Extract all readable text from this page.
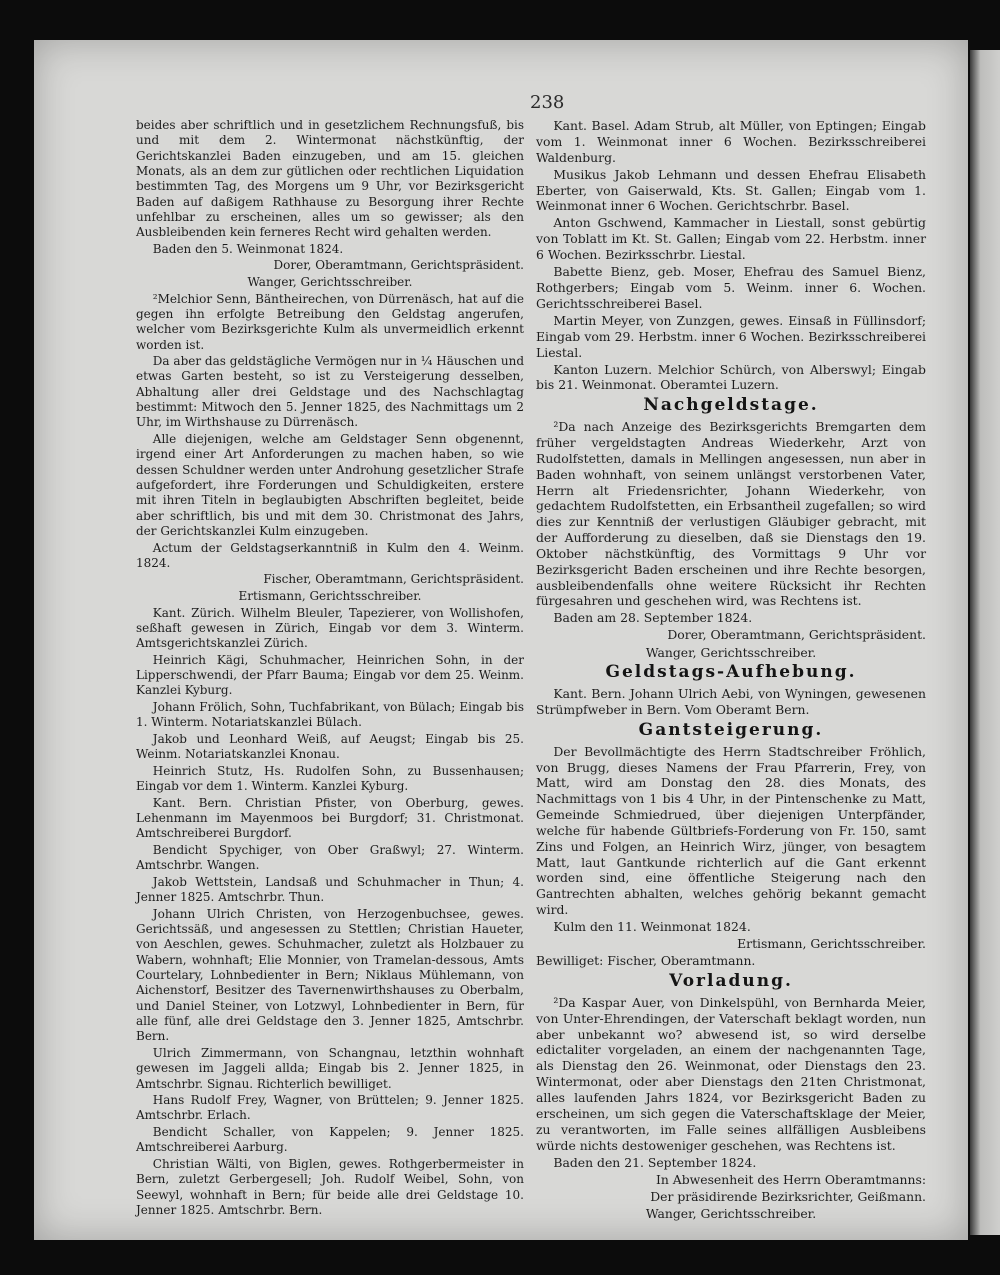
238

beides aber schriftlich und in gesetzlichem Rechnungsfuß, bis und mit dem 2. Wintermonat nächstkünftig, der Gerichtskanzlei Baden einzugeben, und am 15. gleichen Monats, als an dem zur gütlichen oder rechtlichen Liquidation bestimmten Tag, des Morgens um 9 Uhr, vor Bezirksgericht Baden auf daßigem Rathhause zu Besorgung ihrer Rechte unfehlbar zu erscheinen, alles um so gewisser; als den Ausbleibenden kein ferneres Recht wird gehalten werden.

Baden den 5. Weinmonat 1824.

Dorer, Oberamtmann, Gerichtspräsident.

Wanger, Gerichtsschreiber.

²Melchior Senn, Bäntheirechen, von Dürrenäsch, hat auf die gegen ihn erfolgte Betreibung den Geldstag angerufen, welcher vom Bezirksgerichte Kulm als unvermeidlich erkennt worden ist.

Da aber das geldstägliche Vermögen nur in ¼ Häuschen und etwas Garten besteht, so ist zu Versteigerung desselben, Abhaltung aller drei Geldstage und des Nachschlagtag bestimmt: Mitwoch den 5. Jenner 1825, des Nachmittags um 2 Uhr, im Wirthshause zu Dürrenäsch.

Alle diejenigen, welche am Geldstager Senn obgenennt, irgend einer Art Anforderungen zu machen haben, so wie dessen Schuldner werden unter Androhung gesetzlicher Strafe aufgefordert, ihre Forderungen und Schuldigkeiten, erstere mit ihren Titeln in beglaubigten Abschriften begleitet, beide aber schriftlich, bis und mit dem 30. Christmonat des Jahrs, der Gerichtskanzlei Kulm einzugeben.

Actum der Geldstagserkanntniß in Kulm den 4. Weinm. 1824.

Fischer, Oberamtmann, Gerichtspräsident.

Ertismann, Gerichtsschreiber.

Kant. Zürich. Wilhelm Bleuler, Tapezierer, von Wollishofen, seßhaft gewesen in Zürich, Eingab vor dem 3. Winterm. Amtsgerichtskanzlei Zürich.

Heinrich Kägi, Schuhmacher, Heinrichen Sohn, in der Lipperschwendi, der Pfarr Bauma; Eingab vor dem 25. Weinm. Kanzlei Kyburg.

Johann Frölich, Sohn, Tuchfabrikant, von Bülach; Eingab bis 1. Winterm. Notariatskanzlei Bülach.

Jakob und Leonhard Weiß, auf Aeugst; Eingab bis 25. Weinm. Notariatskanzlei Knonau.

Heinrich Stutz, Hs. Rudolfen Sohn, zu Bussenhausen; Eingab vor dem 1. Winterm. Kanzlei Kyburg.

Kant. Bern. Christian Pfister, von Oberburg, gewes. Lehenmann im Mayenmoos bei Burgdorf; 31. Christmonat. Amtschreiberei Burgdorf.

Bendicht Spychiger, von Ober Graßwyl; 27. Winterm. Amtschrbr. Wangen.

Jakob Wettstein, Landsaß und Schuhmacher in Thun; 4. Jenner 1825. Amtschrbr. Thun.

Johann Ulrich Christen, von Herzogenbuchsee, gewes. Gerichtssäß, und angesessen zu Stettlen; Christian Haueter, von Aeschlen, gewes. Schuhmacher, zuletzt als Holzbauer zu Wabern, wohnhaft; Elie Monnier, von Tramelan-dessous, Amts Courtelary, Lohnbedienter in Bern; Niklaus Mühlemann, von Aichenstorf, Besitzer des Tavernenwirthshauses zu Oberbalm, und Daniel Steiner, von Lotzwyl, Lohnbedienter in Bern, für alle fünf, alle drei Geldstage den 3. Jenner 1825, Amtschrbr. Bern.

Ulrich Zimmermann, von Schangnau, letzthin wohnhaft gewesen im Jaggeli allda; Eingab bis 2. Jenner 1825, in Amtschrbr. Signau. Richterlich bewilliget.

Hans Rudolf Frey, Wagner, von Brüttelen; 9. Jenner 1825. Amtschrbr. Erlach.

Bendicht Schaller, von Kappelen; 9. Jenner 1825. Amtschreiberei Aarburg.

Christian Wälti, von Biglen, gewes. Rothgerbermeister in Bern, zuletzt Gerbergesell; Joh. Rudolf Weibel, Sohn, von Seewyl, wohnhaft in Bern; für beide alle drei Geldstage 10. Jenner 1825. Amtschrbr. Bern.

Kant. Basel. Adam Strub, alt Müller, von Eptingen; Eingab vom 1. Weinmonat inner 6 Wochen. Bezirksschreiberei Waldenburg.

Musikus Jakob Lehmann und dessen Ehefrau Elisabeth Eberter, von Gaiserwald, Kts. St. Gallen; Eingab vom 1. Weinmonat inner 6 Wochen. Gerichtschrbr. Basel.

Anton Gschwend, Kammacher in Liestall, sonst gebürtig von Toblatt im Kt. St. Gallen; Eingab vom 22. Herbstm. inner 6 Wochen. Bezirksschrbr. Liestal.

Babette Bienz, geb. Moser, Ehefrau des Samuel Bienz, Rothgerbers; Eingab vom 5. Weinm. inner 6. Wochen. Gerichtsschreiberei Basel.

Martin Meyer, von Zunzgen, gewes. Einsaß in Füllinsdorf; Eingab vom 29. Herbstm. inner 6 Wochen. Bezirksschreiberei Liestal.

Kanton Luzern. Melchior Schürch, von Alberswyl; Eingab bis 21. Weinmonat. Oberamtei Luzern.

Nachgeldstage.

²Da nach Anzeige des Bezirksgerichts Bremgarten dem früher vergeldstagten Andreas Wiederkehr, Arzt von Rudolfstetten, damals in Mellingen angesessen, nun aber in Baden wohnhaft, von seinem unlängst verstorbenen Vater, Herrn alt Friedensrichter, Johann Wiederkehr, von gedachtem Rudolfstetten, ein Erbsantheil zugefallen; so wird dies zur Kenntniß der verlustigen Gläubiger gebracht, mit der Aufforderung zu dieselben, daß sie Dienstags den 19. Oktober nächstkünftig, des Vormittags 9 Uhr vor Bezirksgericht Baden erscheinen und ihre Rechte besorgen, ausbleibendenfalls ohne weitere Rücksicht ihr Rechten fürgesahren und geschehen wird, was Rechtens ist.

Baden am 28. September 1824.

Dorer, Oberamtmann, Gerichtspräsident.

Wanger, Gerichtsschreiber.

Geldstags-Aufhebung.

Kant. Bern. Johann Ulrich Aebi, von Wyningen, gewesenen Strümpfweber in Bern. Vom Oberamt Bern.

Gantsteigerung.

Der Bevollmächtigte des Herrn Stadtschreiber Fröhlich, von Brugg, dieses Namens der Frau Pfarrerin, Frey, von Matt, wird am Donstag den 28. dies Monats, des Nachmittags von 1 bis 4 Uhr, in der Pintenschenke zu Matt, Gemeinde Schmiedrued, über diejenigen Unterpfänder, welche für habende Gültbriefs-Forderung von Fr. 150, samt Zins und Folgen, an Heinrich Wirz, jünger, von besagtem Matt, laut Gantkunde richterlich auf die Gant erkennt worden sind, eine öffentliche Steigerung nach den Gantrechten abhalten, welches gehörig bekannt gemacht wird.

Kulm den 11. Weinmonat 1824.

Ertismann, Gerichtsschreiber.

Bewilliget: Fischer, Oberamtmann.

Vorladung.

²Da Kaspar Auer, von Dinkelspühl, von Bernharda Meier, von Unter-Ehrendingen, der Vaterschaft beklagt worden, nun aber unbekannt wo? abwesend ist, so wird derselbe edictaliter vorgeladen, an einem der nachgenannten Tage, als Dienstag den 26. Weinmonat, oder Dienstags den 23. Wintermonat, oder aber Dienstags den 21ten Christmonat, alles laufenden Jahrs 1824, vor Bezirksgericht Baden zu erscheinen, um sich gegen die Vaterschaftsklage der Meier, zu verantworten, im Falle seines allfälligen Ausbleibens würde nichts destoweniger geschehen, was Rechtens ist.

Baden den 21. September 1824.

In Abwesenheit des Herrn Oberamtmanns:

Der präsidirende Bezirksrichter, Geißmann.

Wanger, Gerichtsschreiber.
